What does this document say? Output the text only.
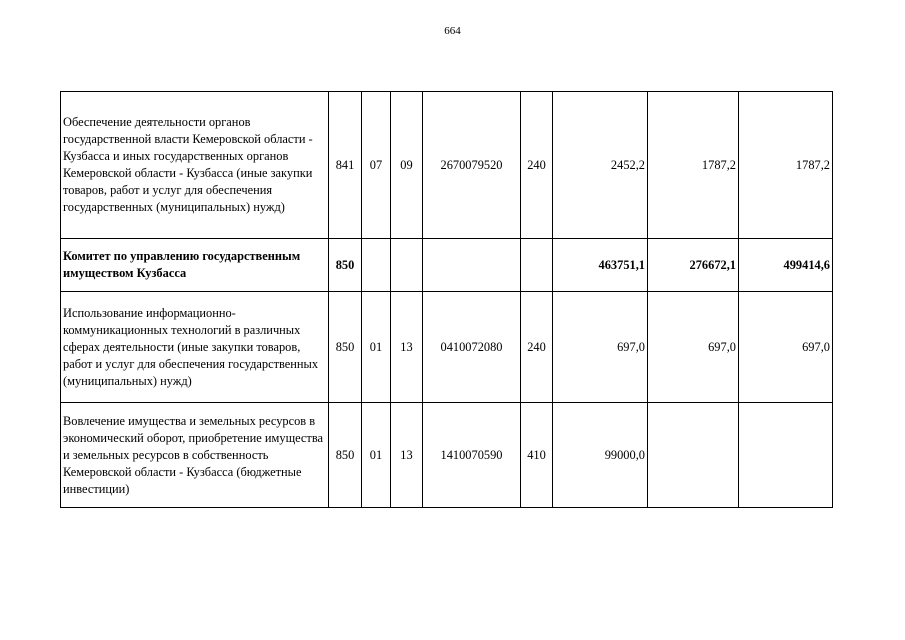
664
Обеспечение деятельности органов государственной власти Кемеровской области - Кузбасса и иных государственных органов Кемеровской области - Кузбасса (иные закупки товаров, работ и услуг для обеспечения государственных (муниципальных) нужд)	841	07	09	2670079520	240	2452,2	1787,2	1787,2
Комитет по управлению государственным имуществом Кузбасса	850					463751,1	276672,1	499414,6
Использование информационно-коммуникационных технологий в различных сферах деятельности (иные закупки товаров, работ и услуг для обеспечения государственных (муниципальных) нужд)	850	01	13	0410072080	240	697,0	697,0	697,0
Вовлечение имущества и земельных ресурсов в экономический оборот, приобретение имущества и земельных ресурсов в собственность Кемеровской области - Кузбасса (бюджетные инвестиции)	850	01	13	1410070590	410	99000,0		
